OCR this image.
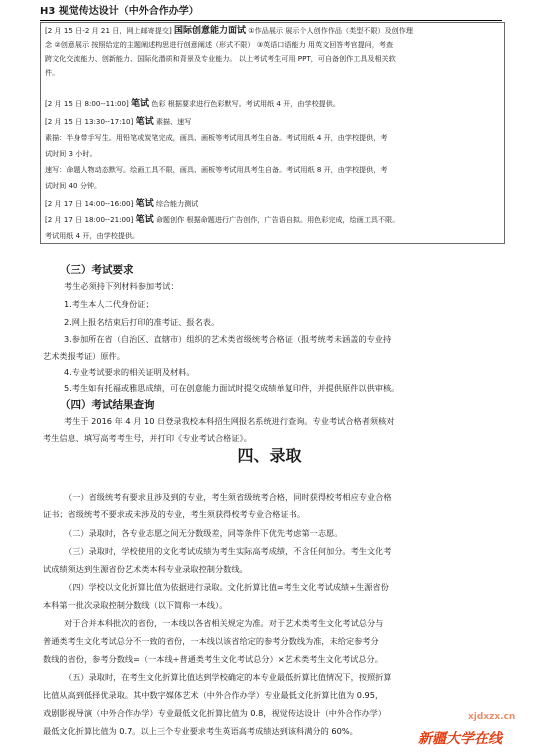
H3 视觉传达设计（中外合作办学）

[2 月 15 日-2 月 21 日，网上邮寄提交] 国际创意能力面试 ①作品展示 展示个人创作作品（类型不限）及创作理

念 ②创意展示 按照给定的主题阐述构思进行创意阐述（形式不限） ③英语口语能力 用英文回答考官提问，考查

跨文化交流能力、创新能力、国际化潜质和背景及专业能力。 以上考试考生可用 PPT，可自备创作工具及相关软

件。

[2 月 15 日 8:00--11:00] 笔试 色彩 根据要求进行色彩默写。考试用纸 4 开，由学校提供。

[2 月 15 日 13:30--17:10] 笔试 素描、速写

素描：半身带手写生。用铅笔或炭笔完成，画具、画板等考试用具考生自备。考试用纸 4 开，由学校提供，考

试时间 3 小时。

速写：命题人物动态默写。绘画工具不限，画具、画板等考试用具考生自备。考试用纸 8 开，由学校提供，考

试时间 40 分钟。

[2 月 17 日 14:00--16:00] 笔试 综合能力测试

[2 月 17 日 18:00--21:00] 笔试 命题创作 根据命题进行广告创作，广告语自拟。用色彩完成，绘画工具不限。

考试用纸 4 开，由学校提供。

（三）考试要求

考生必须持下列材料参加考试：

1.考生本人二代身份证；

2.网上报名结束后打印的准考证、报名表。

3.参加所在省（自治区、直辖市）组织的艺术类省级统考合格证（报考统考未涵盖的专业持

艺术类报考证）原件。

4.专业考试要求的相关证明及材料。

5.考生如有托福或雅思成绩，可在创意能力面试时提交成绩单复印件，并提供原件以供审核。

（四）考试结果查询

考生于 2016 年 4 月 10 日登录我校本科招生网报名系统进行查询。专业考试合格者须核对

考生信息、填写高考考生号，并打印《专业考试合格证》。

四、录取

（一）省级统考有要求且涉及到的专业，考生须省级统考合格，同时获得校考相应专业合格

证书；省级统考不要求或未涉及的专业，考生须获得校考专业合格证书。

（二）录取时，各专业志愿之间无分数级差，同等条件下优先考虑第一志愿。

（三）录取时，学校使用的文化考试成绩为考生实际高考成绩，不含任何加分。考生文化考

试成绩须达到生源省份艺术类本科专业录取控制分数线。

（四）学校以文化折算比值为依据进行录取。文化折算比值=考生文化考试成绩÷生源省份

本科第一批次录取控制分数线（以下简称一本线）。

对于合并本科批次的省份，一本线以各省相关规定为准。对于艺术类考生文化考试总分与

普通类考生文化考试总分不一致的省份，一本线以该省给定的参考分数线为准，未给定参考分

数线的省份，参考分数线=（一本线÷普通类考生文化考试总分）×艺术类考生文化考试总分。

（五）录取时，在考生文化折算比值达到学校确定的本专业最低折算比值情况下，按照折算

比值从高到低择优录取。其中数字媒体艺术（中外合作办学）专业最低文化折算比值为 0.95，

戏剧影视导演（中外合作办学）专业最低文化折算比值为 0.8，视觉传达设计（中外合作办学）

最低文化折算比值为 0.7。以上三个专业要求考生英语高考成绩达到该科满分的 60%。

xjdxzx.cn
新疆大学在线
